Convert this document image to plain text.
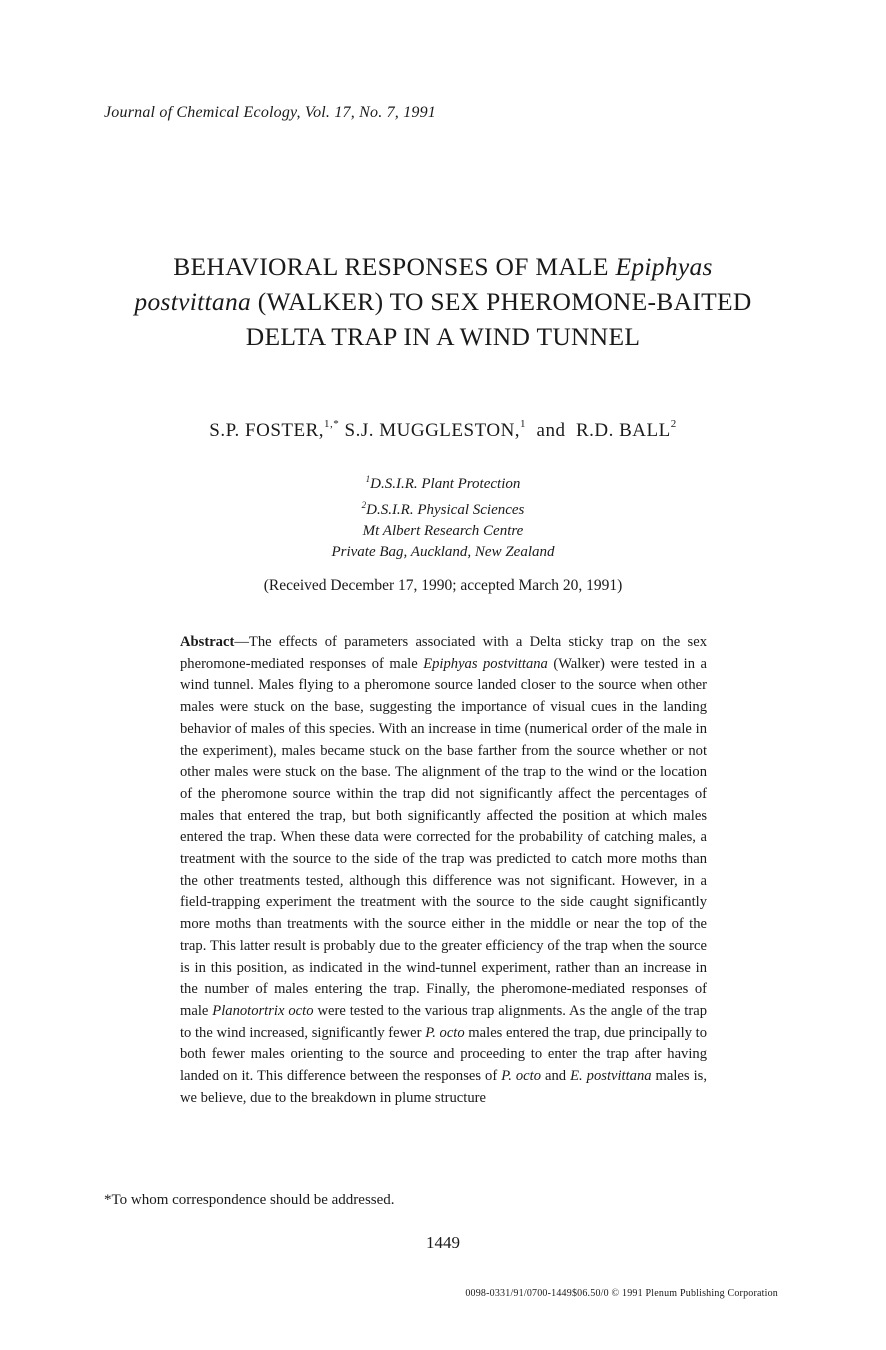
Journal of Chemical Ecology, Vol. 17, No. 7, 1991
BEHAVIORAL RESPONSES OF MALE Epiphyas
postvittana (WALKER) TO SEX PHEROMONE-BAITED
DELTA TRAP IN A WIND TUNNEL
S.P. FOSTER,$^{1,*}$ S.J. MUGGLESTON,$^1$ and R.D. BALL$^2$
$^1$D.S.I.R. Plant Protection
$^2$D.S.I.R. Physical Sciences
Mt Albert Research Centre
Private Bag, Auckland, New Zealand
(Received December 17, 1990; accepted March 20, 1991)
Abstract—The effects of parameters associated with a Delta sticky trap on the sex pheromone-mediated responses of male Epiphyas postvittana (Walker) were tested in a wind tunnel. Males flying to a pheromone source landed closer to the source when other males were stuck on the base, suggesting the importance of visual cues in the landing behavior of males of this species. With an increase in time (numerical order of the male in the experiment), males became stuck on the base farther from the source whether or not other males were stuck on the base. The alignment of the trap to the wind or the location of the pheromone source within the trap did not significantly affect the percentages of males that entered the trap, but both significantly affected the position at which males entered the trap. When these data were corrected for the probability of catching males, a treatment with the source to the side of the trap was predicted to catch more moths than the other treatments tested, although this difference was not significant. However, in a field-trapping experiment the treatment with the source to the side caught significantly more moths than treatments with the source either in the middle or near the top of the trap. This latter result is probably due to the greater efficiency of the trap when the source is in this position, as indicated in the wind-tunnel experiment, rather than an increase in the number of males entering the trap. Finally, the pheromone-mediated responses of male Planotortrix octo were tested to the various trap alignments. As the angle of the trap to the wind increased, significantly fewer P. octo males entered the trap, due principally to both fewer males orienting to the source and proceeding to enter the trap after having landed on it. This difference between the responses of P. octo and E. postvittana males is, we believe, due to the breakdown in plume structure
*To whom correspondence should be addressed.
1449
0098-0331/91/0700-1449$06.50/0 © 1991 Plenum Publishing Corporation
